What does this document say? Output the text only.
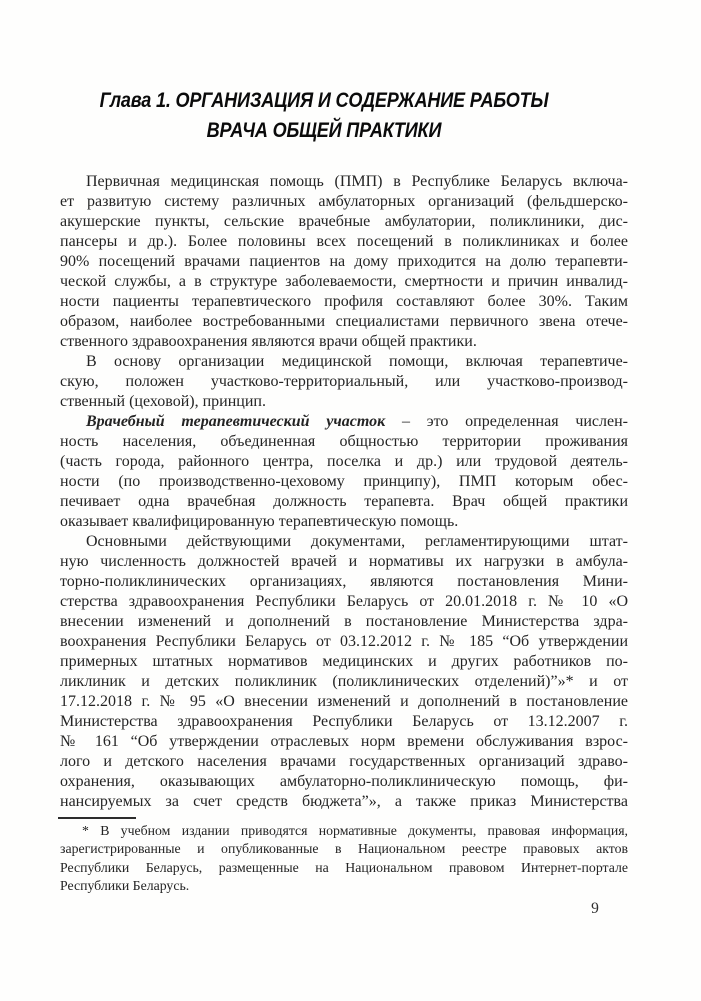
Глава 1. ОРГАНИЗАЦИЯ И СОДЕРЖАНИЕ РАБОТЫ
ВРАЧА ОБЩЕЙ ПРАКТИКИ
Первичная медицинская помощь (ПМП) в Республике Беларусь включа-
ет развитую систему различных амбулаторных организаций (фельдшерско-
акушерские пункты, сельские врачебные амбулатории, поликлиники, дис-
пансеры и др.). Более половины всех посещений в поликлиниках и более
90% посещений врачами пациентов на дому приходится на долю терапевти-
ческой службы, а в структуре заболеваемости, смертности и причин инвалид-
ности пациенты терапевтического профиля составляют более 30%. Таким
образом, наиболее востребованными специалистами первичного звена отече-
ственного здравоохранения являются врачи общей практики.
В основу организации медицинской помощи, включая терапевтиче-
скую, положен участково-территориальный, или участково-производ-
ственный (цеховой), принцип.
Врачебный терапевтический участок – это определенная числен-
ность населения, объединенная общностью территории проживания
(часть города, районного центра, поселка и др.) или трудовой деятель-
ности (по производственно-цеховому принципу), ПМП которым обес-
печивает одна врачебная должность терапевта. Врач общей практики
оказывает квалифицированную терапевтическую помощь.
Основными действующими документами, регламентирующими штат-
ную численность должностей врачей и нормативы их нагрузки в амбула-
торно-поликлинических организациях, являются постановления Мини-
стерства здравоохранения Республики Беларусь от 20.01.2018 г. № 10 «О
внесении изменений и дополнений в постановление Министерства здра-
воохранения Республики Беларусь от 03.12.2012 г. № 185 “Об утверждении
примерных штатных нормативов медицинских и других работников по-
ликлиник и детских поликлиник (поликлинических отделений)”»* и от
17.12.2018 г. № 95 «О внесении изменений и дополнений в постановление
Министерства здравоохранения Республики Беларусь от 13.12.2007 г.
№ 161 “Об утверждении отраслевых норм времени обслуживания взрос-
лого и детского населения врачами государственных организаций здраво-
охранения, оказывающих амбулаторно-поликлиническую помощь, фи-
нансируемых за счет средств бюджета”», а также приказ Министерства
* В учебном издании приводятся нормативные документы, правовая информация,
зарегистрированные и опубликованные в Национальном реестре правовых актов
Республики Беларусь, размещенные на Национальном правовом Интернет-портале
Республики Беларусь.
9
